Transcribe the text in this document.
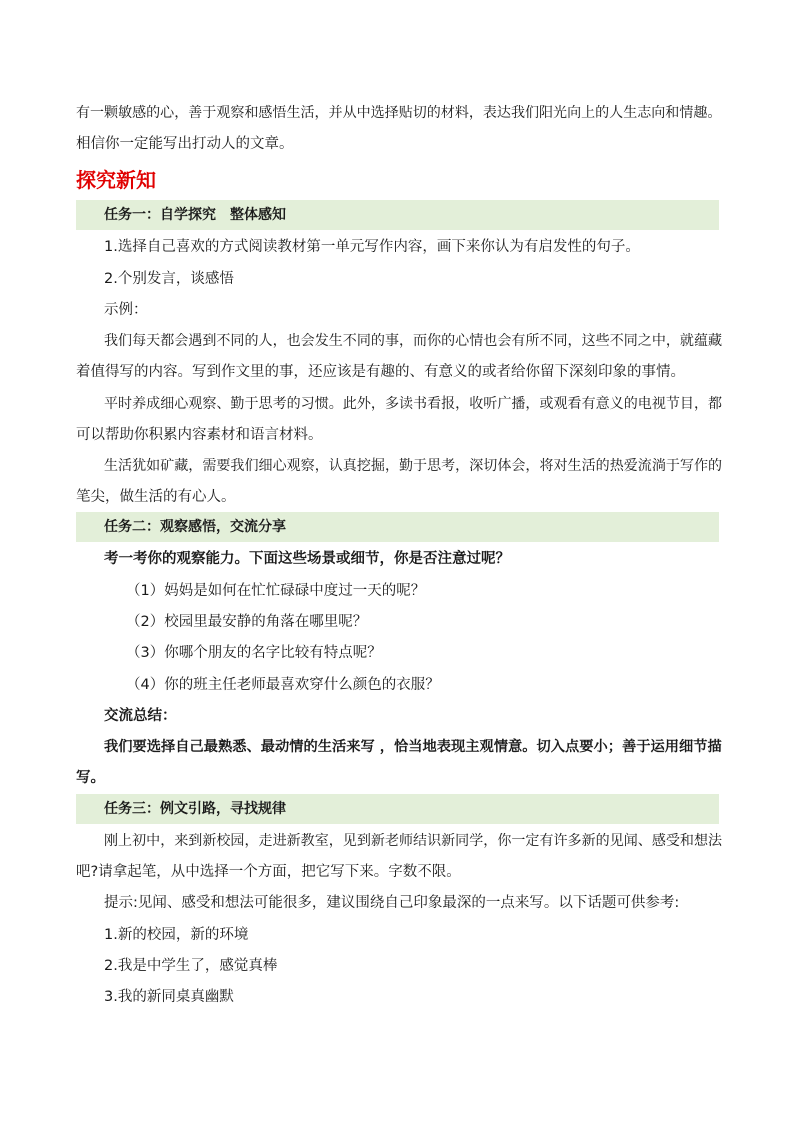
有一颗敏感的心，善于观察和感悟生活，并从中选择贴切的材料，表达我们阳光向上的人生志向和情趣。
相信你一定能写出打动人的文章。
探究新知
任务一：自学探究　整体感知
1.选择自己喜欢的方式阅读教材第一单元写作内容，画下来你认为有启发性的句子。
2.个别发言，谈感悟
示例：
我们每天都会遇到不同的人，也会发生不同的事，而你的心情也会有所不同，这些不同之中，就蕴藏
着值得写的内容。写到作文里的事，还应该是有趣的、有意义的或者给你留下深刻印象的事情。
平时养成细心观察、勤于思考的习惯。此外，多读书看报，收听广播，或观看有意义的电视节目，都
可以帮助你积累内容素材和语言材料。
生活犹如矿藏，需要我们细心观察，认真挖掘，勤于思考，深切体会，将对生活的热爱流淌于写作的
笔尖，做生活的有心人。
任务二：观察感悟，交流分享
考一考你的观察能力。下面这些场景或细节，你是否注意过呢？
（1）妈妈是如何在忙忙碌碌中度过一天的呢？
（2）校园里最安静的角落在哪里呢？
（3）你哪个朋友的名字比较有特点呢？
（4）你的班主任老师最喜欢穿什么颜色的衣服？
交流总结：
我们要选择自己最熟悉、最动情的生活来写 ，恰当地表现主观情意。切入点要小；善于运用细节描
写。
任务三：例文引路，寻找规律
刚上初中，来到新校园，走进新教室，见到新老师结识新同学，你一定有许多新的见闻、感受和想法
吧?请拿起笔，从中选择一个方面，把它写下来。字数不限。
提示:见闻、感受和想法可能很多，建议围绕自己印象最深的一点来写。以下话题可供参考:
1.新的校园，新的环境
2.我是中学生了，感觉真棒
3.我的新同桌真幽默
